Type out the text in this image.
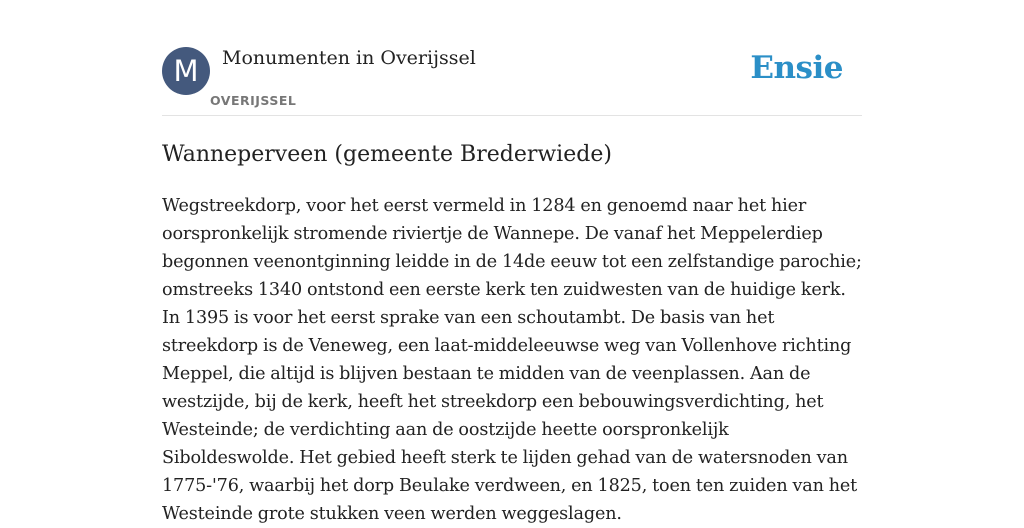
M	Monumenten in Overijssel
OVERIJSSEL
Ensie
Wanneperveen (gemeente Brederwiede)

Wegstreekdorp, voor het eerst vermeld in 1284 en genoemd naar het hier oorspronkelijk stromende riviertje de Wannepe. De vanaf het Meppelerdiep begonnen veenontginning leidde in de 14de eeuw tot een zelfstandige parochie; omstreeks 1340 ontstond een eerste kerk ten zuidwesten van de huidige kerk. In 1395 is voor het eerst sprake van een schoutambt. De basis van het streekdorp is de Veneweg, een laat-middeleeuwse weg van Vollenhove richting Meppel, die altijd is blijven bestaan te midden van de veenplassen. Aan de westzijde, bij de kerk, heeft het streekdorp een bebouwingsverdichting, het Westeinde; de verdichting aan de oostzijde heette oorspronkelijk Siboldeswolde. Het gebied heeft sterk te lijden gehad van de watersnoden van 1775-'76, waarbij het dorp Beulake verdween, en 1825, toen ten zuiden van het Westeinde grote stukken veen werden weggeslagen.
